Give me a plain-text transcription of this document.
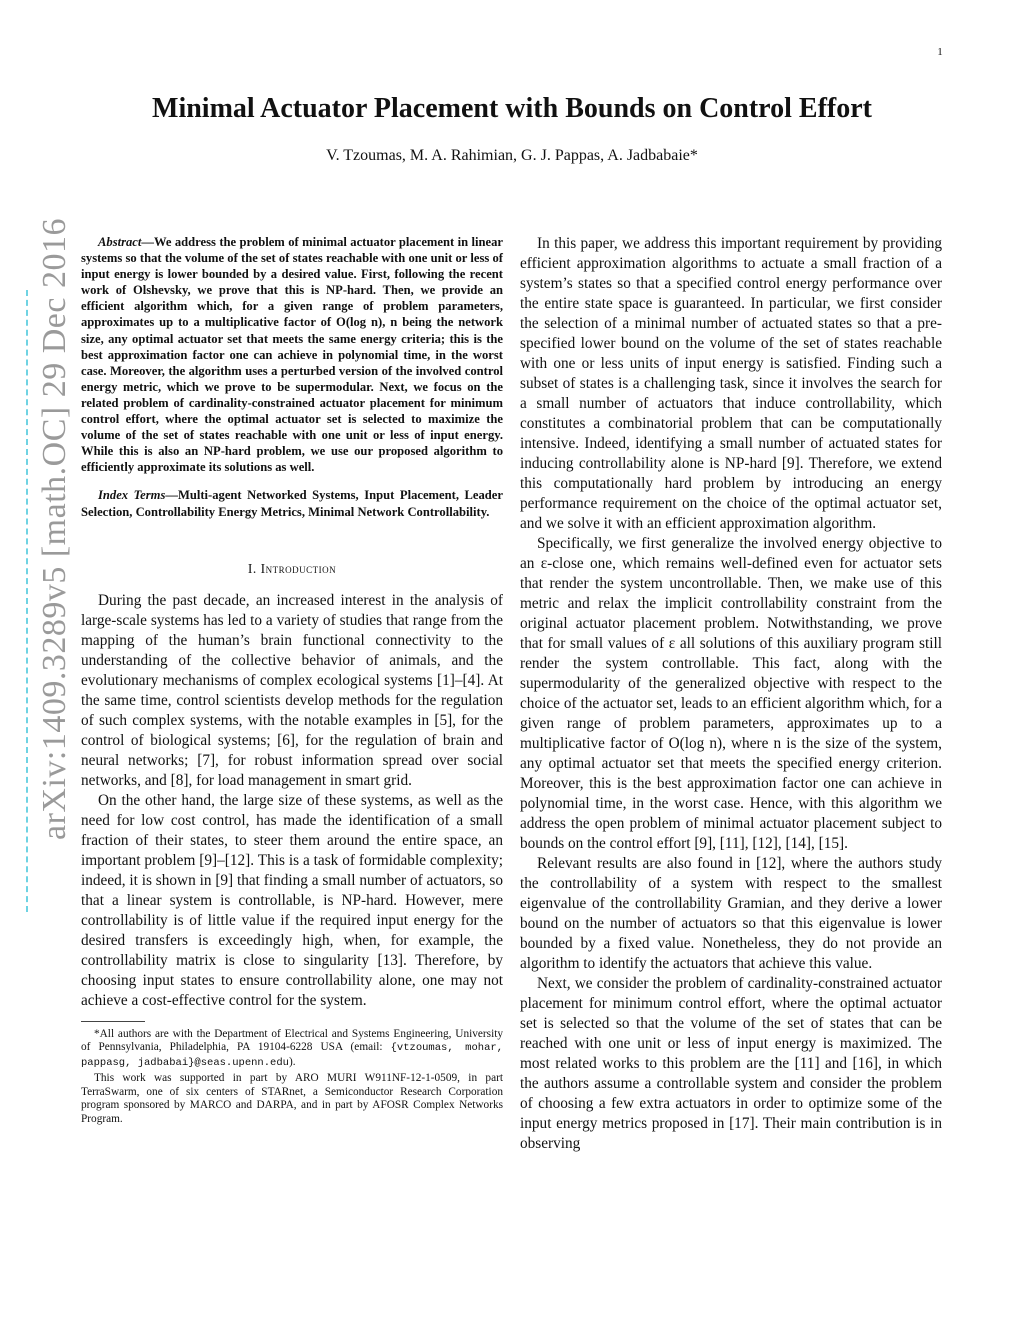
1
arXiv:1409.3289v5 [math.OC] 29 Dec 2016
Minimal Actuator Placement with Bounds on Control Effort
V. Tzoumas, M. A. Rahimian, G. J. Pappas, A. Jadbabaie*

Abstract—We address the problem of minimal actuator placement in linear systems so that the volume of the set of states reachable with one unit or less of input energy is lower bounded by a desired value. First, following the recent work of Olshevsky, we prove that this is NP-hard. Then, we provide an efficient algorithm which, for a given range of problem parameters, approximates up to a multiplicative factor of O(log n), n being the network size, any optimal actuator set that meets the same energy criteria; this is the best approximation factor one can achieve in polynomial time, in the worst case. Moreover, the algorithm uses a perturbed version of the involved control energy metric, which we prove to be supermodular. Next, we focus on the related problem of cardinality-constrained actuator placement for minimum control effort, where the optimal actuator set is selected to maximize the volume of the set of states reachable with one unit or less of input energy. While this is also an NP-hard problem, we use our proposed algorithm to efficiently approximate its solutions as well.

Index Terms—Multi-agent Networked Systems, Input Placement, Leader Selection, Controllability Energy Metrics, Minimal Network Controllability.

I. Introduction

During the past decade, an increased interest in the analysis of large-scale systems has led to a variety of studies that range from the mapping of the human’s brain functional connectivity to the understanding of the collective behavior of animals, and the evolutionary mechanisms of complex ecological systems [1]–[4]. At the same time, control scientists develop methods for the regulation of such complex systems, with the notable examples in [5], for the control of biological systems; [6], for the regulation of brain and neural networks; [7], for robust information spread over social networks, and [8], for load management in smart grid.

On the other hand, the large size of these systems, as well as the need for low cost control, has made the identification of a small fraction of their states, to steer them around the entire space, an important problem [9]–[12]. This is a task of formidable complexity; indeed, it is shown in [9] that finding a small number of actuators, so that a linear system is controllable, is NP-hard. However, mere controllability is of little value if the required input energy for the desired transfers is exceedingly high, when, for example, the controllability matrix is close to singularity [13]. Therefore, by choosing input states to ensure controllability alone, one may not achieve a cost-effective control for the system.

*All authors are with the Department of Electrical and Systems Engineering, University of Pennsylvania, Philadelphia, PA 19104-6228 USA (email: {vtzoumas, mohar, pappasg, jadbabai}@seas.upenn.edu).

This work was supported in part by ARO MURI W911NF-12-1-0509, in part TerraSwarm, one of six centers of STARnet, a Semiconductor Research Corporation program sponsored by MARCO and DARPA, and in part by AFOSR Complex Networks Program.

In this paper, we address this important requirement by providing efficient approximation algorithms to actuate a small fraction of a system’s states so that a specified control energy performance over the entire state space is guaranteed. In particular, we first consider the selection of a minimal number of actuated states so that a pre-specified lower bound on the volume of the set of states reachable with one or less units of input energy is satisfied. Finding such a subset of states is a challenging task, since it involves the search for a small number of actuators that induce controllability, which constitutes a combinatorial problem that can be computationally intensive. Indeed, identifying a small number of actuated states for inducing controllability alone is NP-hard [9]. Therefore, we extend this computationally hard problem by introducing an energy performance requirement on the choice of the optimal actuator set, and we solve it with an efficient approximation algorithm.

Specifically, we first generalize the involved energy objective to an ε-close one, which remains well-defined even for actuator sets that render the system uncontrollable. Then, we make use of this metric and relax the implicit controllability constraint from the original actuator placement problem. Notwithstanding, we prove that for small values of ε all solutions of this auxiliary program still render the system controllable. This fact, along with the supermodularity of the generalized objective with respect to the choice of the actuator set, leads to an efficient algorithm which, for a given range of problem parameters, approximates up to a multiplicative factor of O(log n), where n is the size of the system, any optimal actuator set that meets the specified energy criterion. Moreover, this is the best approximation factor one can achieve in polynomial time, in the worst case. Hence, with this algorithm we address the open problem of minimal actuator placement subject to bounds on the control effort [9], [11], [12], [14], [15].

Relevant results are also found in [12], where the authors study the controllability of a system with respect to the smallest eigenvalue of the controllability Gramian, and they derive a lower bound on the number of actuators so that this eigenvalue is lower bounded by a fixed value. Nonetheless, they do not provide an algorithm to identify the actuators that achieve this value.

Next, we consider the problem of cardinality-constrained actuator placement for minimum control effort, where the optimal actuator set is selected so that the volume of the set of states that can be reached with one unit or less of input energy is maximized. The most related works to this problem are the [11] and [16], in which the authors assume a controllable system and consider the problem of choosing a few extra actuators in order to optimize some of the input energy metrics proposed in [17]. Their main contribution is in observing
